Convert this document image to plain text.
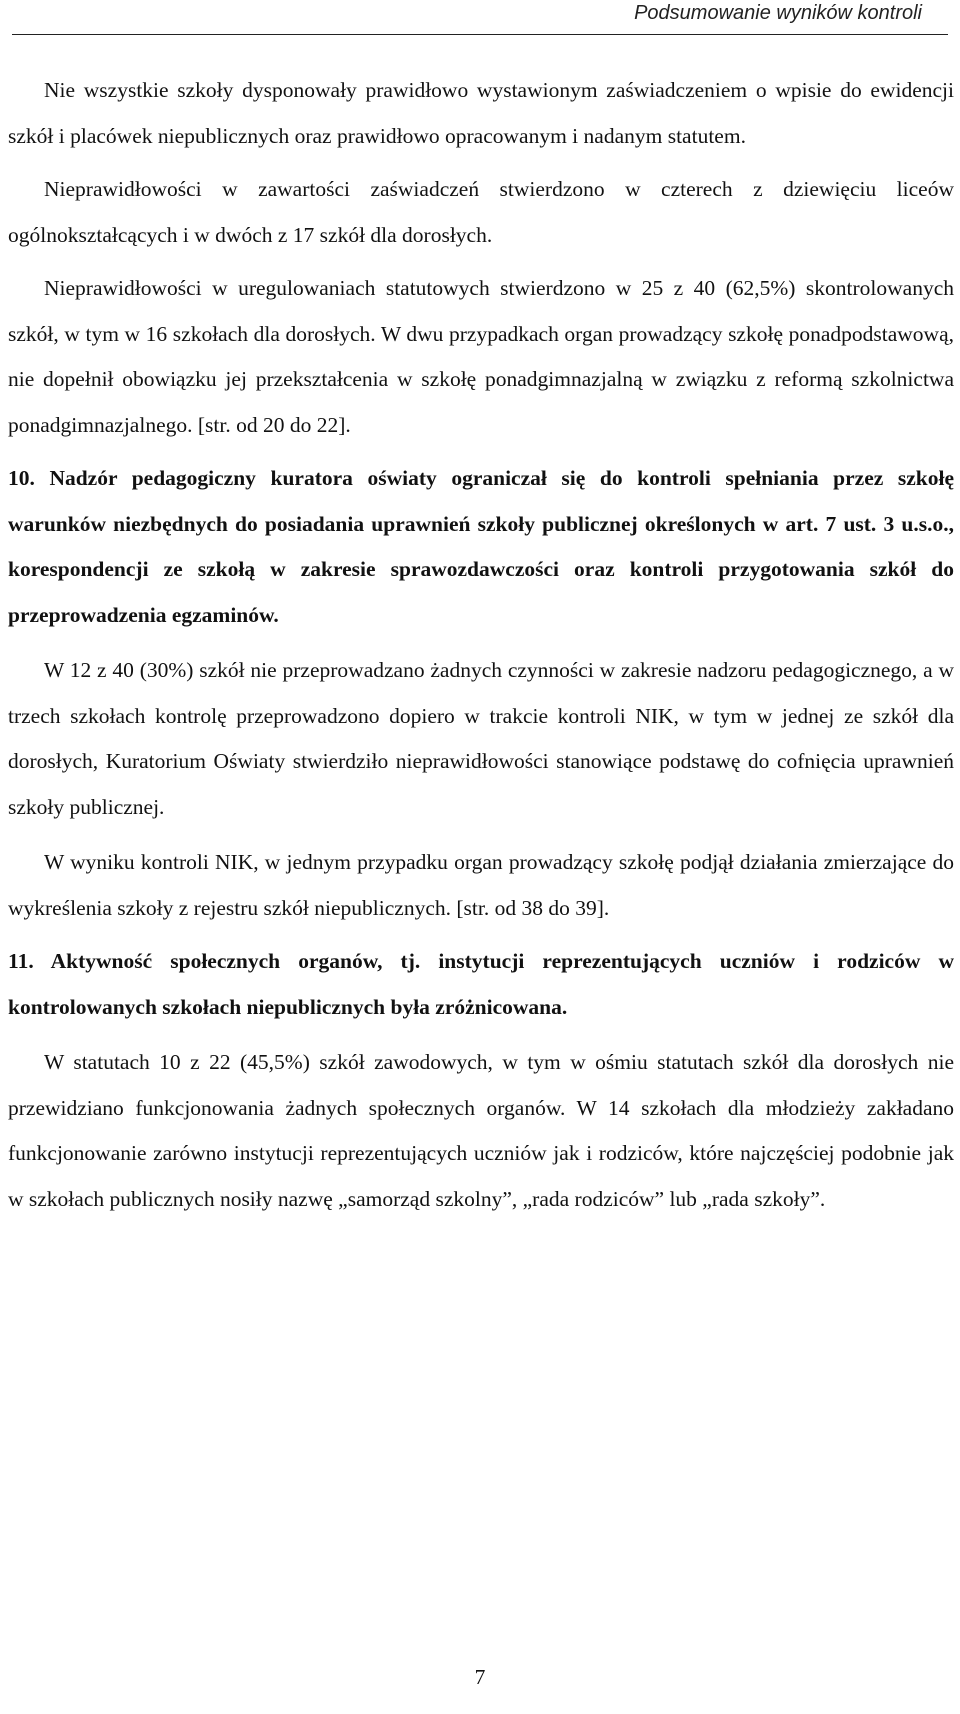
Podsumowanie wyników kontroli

Nie wszystkie szkoły dysponowały prawidłowo wystawionym zaświadczeniem o wpisie do ewidencji szkół i placówek niepublicznych oraz prawidłowo opracowanym i nadanym statutem.

Nieprawidłowości w zawartości zaświadczeń stwierdzono w czterech z dziewięciu liceów ogólnokształcących i w dwóch z 17 szkół dla dorosłych.

Nieprawidłowości w uregulowaniach statutowych stwierdzono w 25 z 40 (62,5%) skontrolowanych szkół, w tym w 16 szkołach dla dorosłych. W dwu przypadkach organ prowadzący szkołę ponadpodstawową, nie dopełnił obowiązku jej przekształcenia w szkołę ponadgimnazjalną w związku z reformą szkolnictwa ponadgimnazjalnego. [str. od 20 do 22].

10. Nadzór pedagogiczny kuratora oświaty ograniczał się do kontroli spełniania przez szkołę warunków niezbędnych do posiadania uprawnień szkoły publicznej określonych w art. 7 ust. 3 u.s.o., korespondencji ze szkołą w zakresie sprawozdawczości oraz kontroli przygotowania szkół do przeprowadzenia egzaminów.

W 12 z 40 (30%) szkół nie przeprowadzano żadnych czynności w zakresie nadzoru pedagogicznego, a w trzech szkołach kontrolę przeprowadzono dopiero w trakcie kontroli NIK, w tym w jednej ze szkół dla dorosłych, Kuratorium Oświaty stwierdziło nieprawidłowości stanowiące podstawę do cofnięcia uprawnień szkoły publicznej.

W wyniku kontroli NIK, w jednym przypadku organ prowadzący szkołę podjął działania zmierzające do wykreślenia szkoły z rejestru szkół niepublicznych. [str. od 38 do 39].

11. Aktywność społecznych organów, tj. instytucji reprezentujących uczniów i rodziców w kontrolowanych szkołach niepublicznych była zróżnicowana.

W statutach 10 z 22 (45,5%) szkół zawodowych, w tym w ośmiu statutach szkół dla dorosłych nie przewidziano funkcjonowania żadnych społecznych organów. W 14 szkołach dla młodzieży zakładano funkcjonowanie zarówno instytucji reprezentujących uczniów jak i rodziców, które najczęściej podobnie jak w szkołach publicznych nosiły nazwę „samorząd szkolny”, „rada rodziców” lub „rada szkoły”.

7
